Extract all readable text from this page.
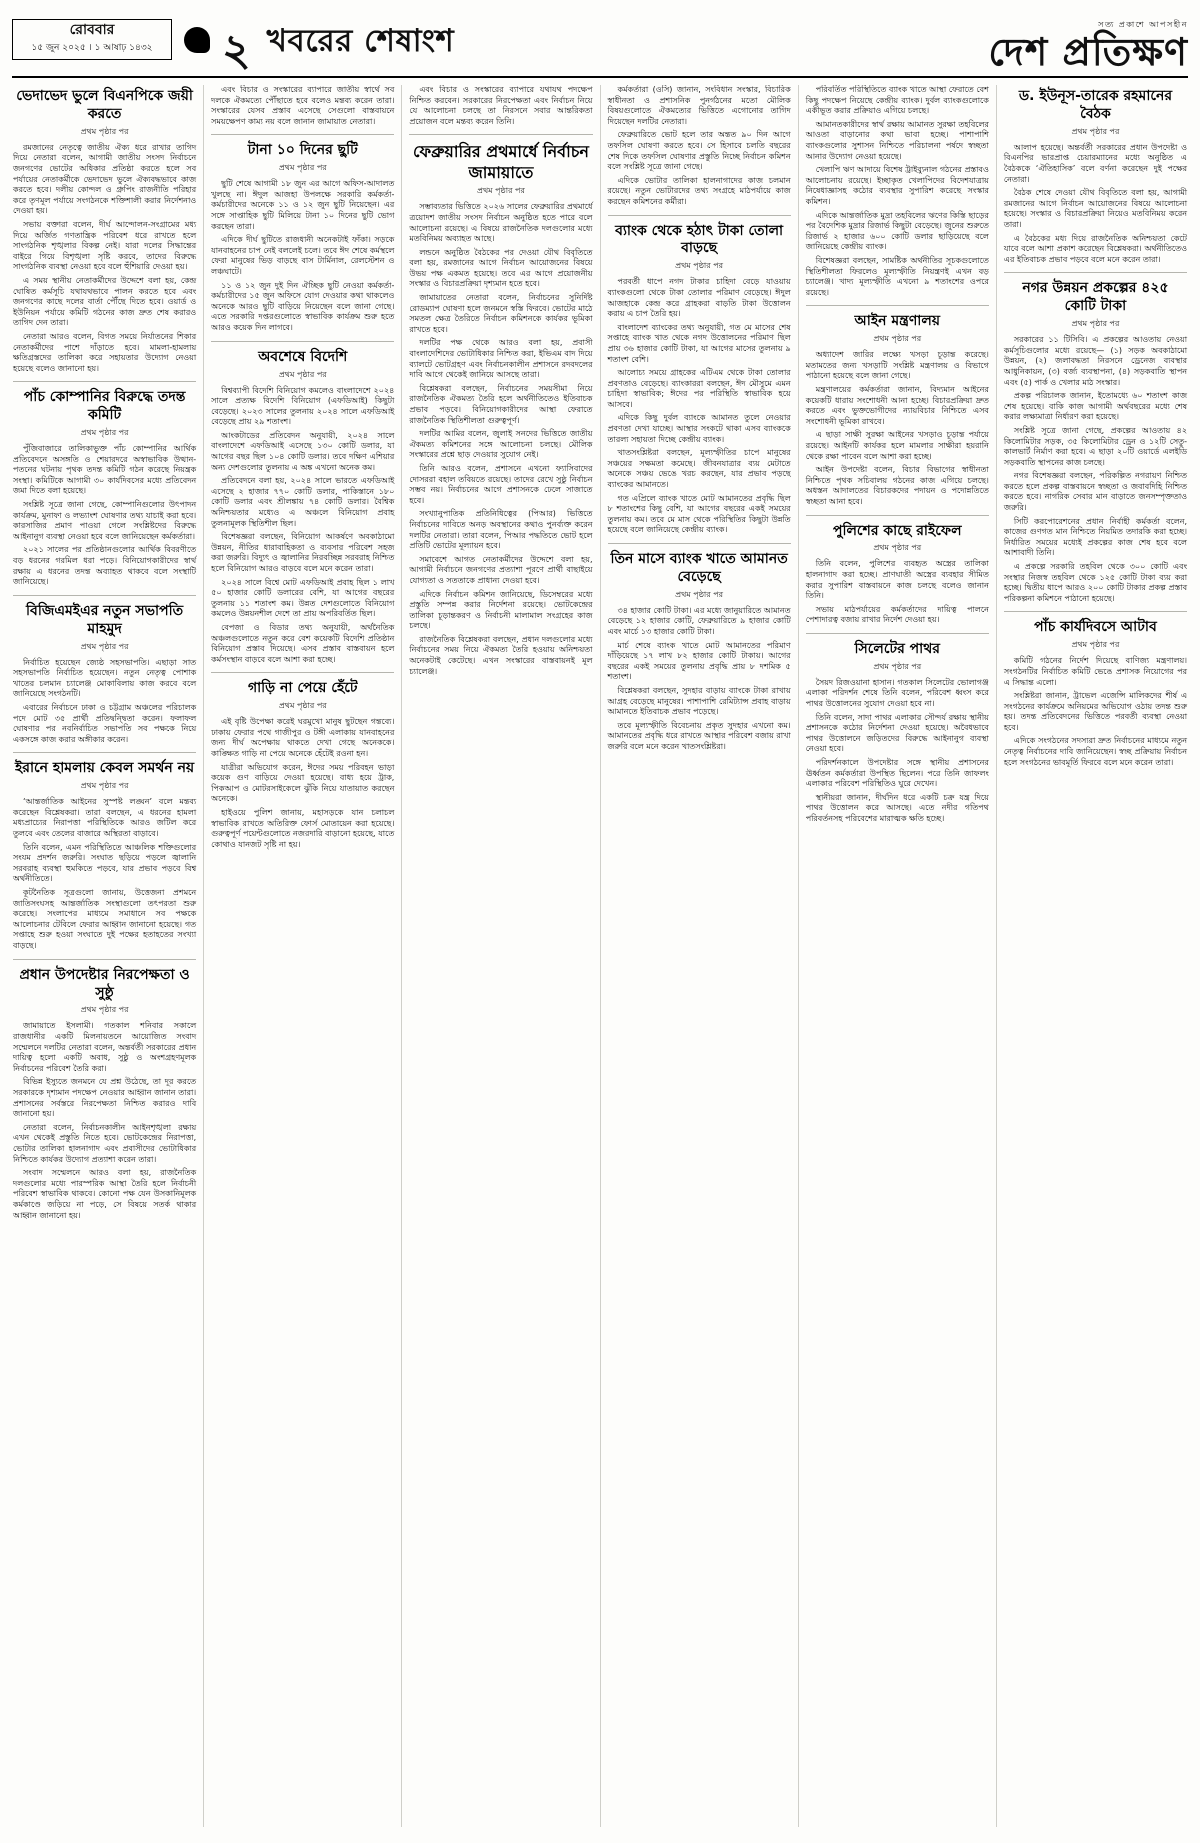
রোববার
১৫ জুন ২০২৫ । ১ আষাঢ় ১৪৩২ ২ খবরের শেষাংশ	সত্য প্রকাশে আপসহীন
দেশ প্রতিক্ষণ
ভেদাভেদ ভুলে বিএনপিকে জয়ী করতে
প্রথম পৃষ্ঠার পর

রমজানের নেতৃত্বে জাতীয় ঐক্য ধরে রাখার তাগিদ দিয়ে নেতারা বলেন, আগামী জাতীয় সংসদ নির্বাচনে জনগণের ভোটের অধিকার প্রতিষ্ঠা করতে হলে সব পর্যায়ের নেতাকর্মীকে ভেদাভেদ ভুলে ঐক্যবদ্ধভাবে কাজ করতে হবে। দলীয় কোন্দল ও গ্রুপিং রাজনীতি পরিহার করে তৃণমূল পর্যায়ে সংগঠনকে শক্তিশালী করার নির্দেশনাও দেওয়া হয়।

সভায় বক্তারা বলেন, দীর্ঘ আন্দোলন-সংগ্রামের মধ্য দিয়ে অর্জিত গণতান্ত্রিক পরিবেশ ধরে রাখতে হলে সাংগঠনিক শৃঙ্খলার বিকল্প নেই। যারা দলের সিদ্ধান্তের বাইরে গিয়ে বিশৃঙ্খলা সৃষ্টি করবে, তাদের বিরুদ্ধে সাংগঠনিক ব্যবস্থা নেওয়া হবে বলে হুঁশিয়ারি দেওয়া হয়।

এ সময় স্থানীয় নেতাকর্মীদের উদ্দেশে বলা হয়, কেন্দ্র ঘোষিত কর্মসূচি যথাযথভাবে পালন করতে হবে এবং জনগণের কাছে দলের বার্তা পৌঁছে দিতে হবে। ওয়ার্ড ও ইউনিয়ন পর্যায়ে কমিটি গঠনের কাজ দ্রুত শেষ করারও তাগিদ দেন তারা।

নেতারা আরও বলেন, বিগত সময়ে নির্যাতনের শিকার নেতাকর্মীদের পাশে দাঁড়াতে হবে। মামলা-হামলায় ক্ষতিগ্রস্তদের তালিকা করে সহায়তার উদ্যোগ নেওয়া হয়েছে বলেও জানানো হয়।

পাঁচ কোম্পানির বিরুদ্ধে তদন্ত কমিটি
প্রথম পৃষ্ঠার পর

পুঁজিবাজারে তালিকাভুক্ত পাঁচ কোম্পানির আর্থিক প্রতিবেদনে অসঙ্গতি ও শেয়ারদরে অস্বাভাবিক উত্থান-পতনের ঘটনায় পৃথক তদন্ত কমিটি গঠন করেছে নিয়ন্ত্রক সংস্থা। কমিটিকে আগামী ৩০ কার্যদিবসের মধ্যে প্রতিবেদন জমা দিতে বলা হয়েছে।

সংশ্লিষ্ট সূত্রে জানা গেছে, কোম্পানিগুলোর উৎপাদন কার্যক্রম, মুনাফা ও লভ্যাংশ ঘোষণার তথ্য যাচাই করা হবে। কারসাজির প্রমাণ পাওয়া গেলে সংশ্লিষ্টদের বিরুদ্ধে আইনানুগ ব্যবস্থা নেওয়া হবে বলে জানিয়েছেন কর্মকর্তারা।

২০২১ সালের পর প্রতিষ্ঠানগুলোর আর্থিক বিবরণীতে বড় ধরনের গরমিল ধরা পড়ে। বিনিয়োগকারীদের স্বার্থ রক্ষায় এ ধরনের তদন্ত অব্যাহত থাকবে বলে সংস্থাটি জানিয়েছে।

বিজিএমইএর নতুন সভাপতি মাহমুদ
প্রথম পৃষ্ঠার পর

নির্বাচিত হয়েছেন জ্যেষ্ঠ সহসভাপতি। এছাড়া সাত সহসভাপতি নির্বাচিত হয়েছেন। নতুন নেতৃত্ব পোশাক খাতের চলমান চ্যালেঞ্জ মোকাবিলায় কাজ করবে বলে জানিয়েছে সংগঠনটি।

এবারের নির্বাচনে ঢাকা ও চট্টগ্রাম অঞ্চলের পরিচালক পদে মোট ৩৫ প্রার্থী প্রতিদ্বন্দ্বিতা করেন। ফলাফল ঘোষণার পর নবনির্বাচিত সভাপতি সব পক্ষকে নিয়ে একসঙ্গে কাজ করার অঙ্গীকার করেন।

ইরানে হামলায় কেবল সমর্থন নয়
প্রথম পৃষ্ঠার পর

‘আন্তর্জাতিক আইনের সুস্পষ্ট লঙ্ঘন’ বলে মন্তব্য করেছেন বিশ্লেষকরা। তারা বলছেন, এ ধরনের হামলা মধ্যপ্রাচ্যের নিরাপত্তা পরিস্থিতিকে আরও জটিল করে তুলবে এবং তেলের বাজারে অস্থিরতা বাড়াবে।

তিনি বলেন, এমন পরিস্থিতিতে আঞ্চলিক শক্তিগুলোর সংযম প্রদর্শন জরুরি। সংঘাত ছড়িয়ে পড়লে জ্বালানি সরবরাহ ব্যবস্থা হুমকিতে পড়বে, যার প্রভাব পড়বে বিশ্ব অর্থনীতিতে।

কূটনৈতিক সূত্রগুলো জানায়, উত্তেজনা প্রশমনে জাতিসংঘসহ আন্তর্জাতিক সংস্থাগুলো তৎপরতা শুরু করেছে। সংলাপের মাধ্যমে সমাধানে সব পক্ষকে আলোচনার টেবিলে ফেরার আহ্বান জানানো হয়েছে। গত সপ্তাহে শুরু হওয়া সংঘাতে দুই পক্ষের হতাহতের সংখ্যা বাড়ছে।

প্রধান উপদেষ্টার নিরপেক্ষতা ও সুষ্ঠু
প্রথম পৃষ্ঠার পর

জামায়াতে ইসলামী। গতকাল শনিবার সকালে রাজধানীর একটি মিলনায়তনে আয়োজিত সংবাদ সম্মেলনে দলটির নেতারা বলেন, অন্তর্বর্তী সরকারের প্রধান দায়িত্ব হলো একটি অবাধ, সুষ্ঠু ও অংশগ্রহণমূলক নির্বাচনের পরিবেশ তৈরি করা।

বিভিন্ন ইস্যুতে জনমনে যে প্রশ্ন উঠেছে, তা দূর করতে সরকারকে দৃশ্যমান পদক্ষেপ নেওয়ার আহ্বান জানান তারা। প্রশাসনের সর্বস্তরে নিরপেক্ষতা নিশ্চিত করারও দাবি জানানো হয়।

নেতারা বলেন, নির্বাচনকালীন আইনশৃঙ্খলা রক্ষায় এখন থেকেই প্রস্তুতি নিতে হবে। ভোটকেন্দ্রের নিরাপত্তা, ভোটার তালিকা হালনাগাদ এবং প্রবাসীদের ভোটাধিকার নিশ্চিতে কার্যকর উদ্যোগ প্রত্যাশা করেন তারা।

সংবাদ সম্মেলনে আরও বলা হয়, রাজনৈতিক দলগুলোর মধ্যে পারস্পরিক আস্থা তৈরি হলে নির্বাচনী পরিবেশ স্বাভাবিক থাকবে। কোনো পক্ষ যেন উসকানিমূলক কর্মকাণ্ডে জড়িয়ে না পড়ে, সে বিষয়ে সতর্ক থাকার আহ্বান জানানো হয়।

এবং বিচার ও সংস্কারের ব্যাপারে জাতীয় স্বার্থে সব দলকে ঐকমত্যে পৌঁছাতে হবে বলেও মন্তব্য করেন তারা। সংস্কারের যেসব প্রস্তাব এসেছে সেগুলো বাস্তবায়নে সময়ক্ষেপণ কাম্য নয় বলে জানান জামায়াত নেতারা।

টানা ১০ দিনের ছুটি
প্রথম পৃষ্ঠার পর

ছুটি শেষে আগামী ১৮ জুন এর আগে অফিস-আদালত খুলছে না। ঈদুল আজহা উপলক্ষে সরকারি কর্মকর্তা-কর্মচারীদের অনেকে ১১ ও ১২ জুন ছুটি নিয়েছেন। এর সঙ্গে সাপ্তাহিক ছুটি মিলিয়ে টানা ১০ দিনের ছুটি ভোগ করছেন তারা।

এদিকে দীর্ঘ ছুটিতে রাজধানী অনেকটাই ফাঁকা। সড়কে যানবাহনের চাপ নেই বললেই চলে। তবে ঈদ শেষে কর্মস্থলে ফেরা মানুষের ভিড় বাড়ছে বাস টার্মিনাল, রেলস্টেশন ও লঞ্চঘাটে।

১১ ও ১২ জুন দুই দিন ঐচ্ছিক ছুটি নেওয়া কর্মকর্তা-কর্মচারীদের ১৫ জুন অফিসে যোগ দেওয়ার কথা থাকলেও অনেকে আরও ছুটি বাড়িয়ে নিয়েছেন বলে জানা গেছে। এতে সরকারি দপ্তরগুলোতে স্বাভাবিক কার্যক্রম শুরু হতে আরও কয়েক দিন লাগবে।

অবশেষে বিদেশি
প্রথম পৃষ্ঠার পর

বিশ্বব্যাপী বিদেশি বিনিয়োগ কমলেও বাংলাদেশে ২০২৪ সালে প্রত্যক্ষ বিদেশি বিনিয়োগ (এফডিআই) কিছুটা বেড়েছে। ২০২৩ সালের তুলনায় ২০২৪ সালে এফডিআই বেড়েছে প্রায় ২৯ শতাংশ।

আংকটাডের প্রতিবেদন অনুযায়ী, ২০২৪ সালে বাংলাদেশে এফডিআই এসেছে ১৩০ কোটি ডলার, যা আগের বছর ছিল ১০৪ কোটি ডলার। তবে দক্ষিণ এশিয়ার অন্য দেশগুলোর তুলনায় এ অঙ্ক এখনো অনেক কম।

প্রতিবেদনে বলা হয়, ২০২৪ সালে ভারতে এফডিআই এসেছে ২ হাজার ৭৭০ কোটি ডলার, পাকিস্তানে ১৮০ কোটি ডলার এবং শ্রীলঙ্কায় ৭৪ কোটি ডলার। বৈশ্বিক অনিশ্চয়তার মধ্যেও এ অঞ্চলে বিনিয়োগ প্রবাহ তুলনামূলক স্থিতিশীল ছিল।

বিশেষজ্ঞরা বলছেন, বিনিয়োগ আকর্ষণে অবকাঠামো উন্নয়ন, নীতির ধারাবাহিকতা ও ব্যবসার পরিবেশ সহজ করা জরুরি। বিদ্যুৎ ও জ্বালানির নিরবচ্ছিন্ন সরবরাহ নিশ্চিত হলে বিনিয়োগ আরও বাড়বে বলে মনে করেন তারা।

২০২৪ সালে বিশ্বে মোট এফডিআই প্রবাহ ছিল ১ লাখ ৫০ হাজার কোটি ডলারের বেশি, যা আগের বছরের তুলনায় ১১ শতাংশ কম। উন্নত দেশগুলোতে বিনিয়োগ কমলেও উন্নয়নশীল দেশে তা প্রায় অপরিবর্তিত ছিল।

বেপজা ও বিডার তথ্য অনুযায়ী, অর্থনৈতিক অঞ্চলগুলোতে নতুন করে বেশ কয়েকটি বিদেশি প্রতিষ্ঠান বিনিয়োগ প্রস্তাব দিয়েছে। এসব প্রস্তাব বাস্তবায়ন হলে কর্মসংস্থান বাড়বে বলে আশা করা হচ্ছে।

গাড়ি না পেয়ে হেঁটে
প্রথম পৃষ্ঠার পর

এই বৃষ্টি উপেক্ষা করেই ঘরমুখো মানুষ ছুটছেন গন্তব্যে। ঢাকায় ফেরার পথে গাজীপুর ও টঙ্গী এলাকায় যানবাহনের জন্য দীর্ঘ অপেক্ষায় থাকতে দেখা গেছে অনেককে। কাঙ্ক্ষিত গাড়ি না পেয়ে অনেকে হেঁটেই রওনা হন।

যাত্রীরা অভিযোগ করেন, ঈদের সময় পরিবহন ভাড়া কয়েক গুণ বাড়িয়ে দেওয়া হয়েছে। বাধ্য হয়ে ট্রাক, পিকআপ ও মোটরসাইকেলে ঝুঁকি নিয়ে যাতায়াত করছেন অনেকে।

হাইওয়ে পুলিশ জানায়, মহাসড়কে যান চলাচল স্বাভাবিক রাখতে অতিরিক্ত ফোর্স মোতায়েন করা হয়েছে। গুরুত্বপূর্ণ পয়েন্টগুলোতে নজরদারি বাড়ানো হয়েছে, যাতে কোথাও যানজট সৃষ্টি না হয়।

এবং বিচার ও সংস্কারের ব্যাপারে যথাযথ পদক্ষেপ নিশ্চিত করবেন। সরকারের নিরপেক্ষতা এবং নির্বাচন নিয়ে যে আলোচনা চলছে তা নিরসনে সবার আন্তরিকতা প্রয়োজন বলে মন্তব্য করেন তিনি।

ফেব্রুয়ারির প্রথমার্ধে নির্বাচন জামায়াতে
প্রথম পৃষ্ঠার পর

সম্ভাব্যতার ভিত্তিতে ২০২৬ সালের ফেব্রুয়ারির প্রথমার্ধে ত্রয়োদশ জাতীয় সংসদ নির্বাচন অনুষ্ঠিত হতে পারে বলে আলোচনা রয়েছে। এ বিষয়ে রাজনৈতিক দলগুলোর মধ্যে মতবিনিময় অব্যাহত আছে।

লন্ডনে অনুষ্ঠিত বৈঠকের পর দেওয়া যৌথ বিবৃতিতে বলা হয়, রমজানের আগে নির্বাচন আয়োজনের বিষয়ে উভয় পক্ষ একমত হয়েছে। তবে এর আগে প্রয়োজনীয় সংস্কার ও বিচারপ্রক্রিয়া দৃশ্যমান হতে হবে।

জামায়াতের নেতারা বলেন, নির্বাচনের সুনির্দিষ্ট রোডম্যাপ ঘোষণা হলে জনমনে স্বস্তি ফিরবে। ভোটের মাঠে সমতল ক্ষেত্র তৈরিতে নির্বাচন কমিশনকে কার্যকর ভূমিকা রাখতে হবে।

দলটির পক্ষ থেকে আরও বলা হয়, প্রবাসী বাংলাদেশিদের ভোটাধিকার নিশ্চিত করা, ইভিএম বাদ দিয়ে ব্যালটে ভোটগ্রহণ এবং নির্বাচনকালীন প্রশাসনে রদবদলের দাবি আগে থেকেই জানিয়ে আসছে তারা।

বিশ্লেষকরা বলছেন, নির্বাচনের সময়সীমা নিয়ে রাজনৈতিক ঐকমত্য তৈরি হলে অর্থনীতিতেও ইতিবাচক প্রভাব পড়বে। বিনিয়োগকারীদের আস্থা ফেরাতে রাজনৈতিক স্থিতিশীলতা গুরুত্বপূর্ণ।

দলটির আমির বলেন, জুলাই সনদের ভিত্তিতে জাতীয় ঐকমত্য কমিশনের সঙ্গে আলোচনা চলছে। মৌলিক সংস্কারের প্রশ্নে ছাড় দেওয়ার সুযোগ নেই।

তিনি আরও বলেন, প্রশাসনে এখনো ফ্যাসিবাদের দোসররা বহাল তবিয়তে রয়েছে। তাদের রেখে সুষ্ঠু নির্বাচন সম্ভব নয়। নির্বাচনের আগে প্রশাসনকে ঢেলে সাজাতে হবে।

সংখ্যানুপাতিক প্রতিনিধিত্বের (পিআর) ভিত্তিতে নির্বাচনের দাবিতে অনড় অবস্থানের কথাও পুনর্ব্যক্ত করেন দলটির নেতারা। তারা বলেন, পিআর পদ্ধতিতে ভোট হলে প্রতিটি ভোটের মূল্যায়ন হবে।

সমাবেশে আগত নেতাকর্মীদের উদ্দেশে বলা হয়, আগামী নির্বাচনে জনগণের প্রত্যাশা পূরণে প্রার্থী বাছাইয়ে যোগ্যতা ও সততাকে প্রাধান্য দেওয়া হবে।

এদিকে নির্বাচন কমিশন জানিয়েছে, ডিসেম্বরের মধ্যে প্রস্তুতি সম্পন্ন করার নির্দেশনা রয়েছে। ভোটকেন্দ্রের তালিকা চূড়ান্তকরণ ও নির্বাচনী মালামাল সংগ্রহের কাজ চলছে।

রাজনৈতিক বিশ্লেষকরা বলছেন, প্রধান দলগুলোর মধ্যে নির্বাচনের সময় নিয়ে ঐকমত্য তৈরি হওয়ায় অনিশ্চয়তা অনেকটাই কেটেছে। এখন সংস্কারের বাস্তবায়নই মূল চ্যালেঞ্জ।

কর্মকর্তারা (ওসি) জানান, সংবিধান সংস্কার, বিচারিক স্বাধীনতা ও প্রশাসনিক পুনর্গঠনের মতো মৌলিক বিষয়গুলোতে ঐকমত্যের ভিত্তিতে এগোনোর তাগিদ দিয়েছেন দলটির নেতারা।

ফেব্রুয়ারিতে ভোট হলে তার অন্তত ৯০ দিন আগে তফসিল ঘোষণা করতে হবে। সে হিসাবে চলতি বছরের শেষ দিকে তফসিল ঘোষণার প্রস্তুতি নিচ্ছে নির্বাচন কমিশন বলে সংশ্লিষ্ট সূত্রে জানা গেছে।

এদিকে ভোটার তালিকা হালনাগাদের কাজ চলমান রয়েছে। নতুন ভোটারদের তথ্য সংগ্রহে মাঠপর্যায়ে কাজ করছেন কমিশনের কর্মীরা।

ব্যাংক থেকে হঠাৎ টাকা তোলা বাড়ছে
প্রথম পৃষ্ঠার পর

পরবর্তী ধাপে নগদ টাকার চাহিদা বেড়ে যাওয়ায় ব্যাংকগুলো থেকে টাকা তোলার পরিমাণ বেড়েছে। ঈদুল আজহাকে কেন্দ্র করে গ্রাহকরা বাড়তি টাকা উত্তোলন করায় এ চাপ তৈরি হয়।

বাংলাদেশ ব্যাংকের তথ্য অনুযায়ী, গত মে মাসের শেষ সপ্তাহে ব্যাংক খাত থেকে নগদ উত্তোলনের পরিমাণ ছিল প্রায় ৩৬ হাজার কোটি টাকা, যা আগের মাসের তুলনায় ৯ শতাংশ বেশি।

আলোচ্য সময়ে গ্রাহকের এটিএম থেকে টাকা তোলার প্রবণতাও বেড়েছে। ব্যাংকাররা বলছেন, ঈদ মৌসুমে এমন চাহিদা স্বাভাবিক; ঈদের পর পরিস্থিতি স্বাভাবিক হয়ে আসবে।

এদিকে কিছু দুর্বল ব্যাংকে আমানত তুলে নেওয়ার প্রবণতা দেখা যাচ্ছে। আস্থার সংকটে থাকা এসব ব্যাংককে তারল্য সহায়তা দিচ্ছে কেন্দ্রীয় ব্যাংক।

খাতসংশ্লিষ্টরা বলছেন, মূল্যস্ফীতির চাপে মানুষের সঞ্চয়ের সক্ষমতা কমেছে। জীবনযাত্রার ব্যয় মেটাতে অনেকে সঞ্চয় ভেঙে খরচ করছেন, যার প্রভাব পড়ছে ব্যাংকের আমানতে।

গত এপ্রিলে ব্যাংক খাতে মোট আমানতের প্রবৃদ্ধি ছিল ৮ শতাংশের কিছু বেশি, যা আগের বছরের একই সময়ের তুলনায় কম। তবে মে মাস থেকে পরিস্থিতির কিছুটা উন্নতি হয়েছে বলে জানিয়েছে কেন্দ্রীয় ব্যাংক।

তিন মাসে ব্যাংক খাতে আমানত বেড়েছে
প্রথম পৃষ্ঠার পর

৩৪ হাজার কোটি টাকা। এর মধ্যে জানুয়ারিতে আমানত বেড়েছে ১২ হাজার কোটি, ফেব্রুয়ারিতে ৯ হাজার কোটি এবং মার্চে ১৩ হাজার কোটি টাকা।

মার্চ শেষে ব্যাংক খাতে মোট আমানতের পরিমাণ দাঁড়িয়েছে ১৭ লাখ ৮২ হাজার কোটি টাকায়। আগের বছরের একই সময়ের তুলনায় প্রবৃদ্ধি প্রায় ৮ দশমিক ৫ শতাংশ।

বিশ্লেষকরা বলছেন, সুদহার বাড়ায় ব্যাংকে টাকা রাখায় আগ্রহ বেড়েছে মানুষের। পাশাপাশি রেমিট্যান্স প্রবাহ বাড়ায় আমানতে ইতিবাচক প্রভাব পড়েছে।

তবে মূল্যস্ফীতি বিবেচনায় প্রকৃত সুদহার এখনো কম। আমানতের প্রবৃদ্ধি ধরে রাখতে আস্থার পরিবেশ বজায় রাখা জরুরি বলে মনে করেন খাতসংশ্লিষ্টরা।

পরিবর্তিত পরিস্থিতিতে ব্যাংক খাতে আস্থা ফেরাতে বেশ কিছু পদক্ষেপ নিয়েছে কেন্দ্রীয় ব্যাংক। দুর্বল ব্যাংকগুলোকে একীভূত করার প্রক্রিয়াও এগিয়ে চলছে।

আমানতকারীদের স্বার্থ রক্ষায় আমানত সুরক্ষা তহবিলের আওতা বাড়ানোর কথা ভাবা হচ্ছে। পাশাপাশি ব্যাংকগুলোর সুশাসন নিশ্চিতে পরিচালনা পর্ষদে স্বচ্ছতা আনার উদ্যোগ নেওয়া হয়েছে।

খেলাপি ঋণ আদায়ে বিশেষ ট্রাইব্যুনাল গঠনের প্রস্তাবও আলোচনায় রয়েছে। ইচ্ছাকৃত খেলাপিদের বিদেশযাত্রায় নিষেধাজ্ঞাসহ কঠোর ব্যবস্থার সুপারিশ করেছে সংস্কার কমিশন।

এদিকে আন্তর্জাতিক মুদ্রা তহবিলের ঋণের কিস্তি ছাড়ের পর বৈদেশিক মুদ্রার রিজার্ভ কিছুটা বেড়েছে। জুনের শুরুতে রিজার্ভ ২ হাজার ৬০০ কোটি ডলার ছাড়িয়েছে বলে জানিয়েছে কেন্দ্রীয় ব্যাংক।

বিশেষজ্ঞরা বলছেন, সামষ্টিক অর্থনীতির সূচকগুলোতে স্থিতিশীলতা ফিরলেও মূল্যস্ফীতি নিয়ন্ত্রণই এখন বড় চ্যালেঞ্জ। খাদ্য মূল্যস্ফীতি এখনো ৯ শতাংশের ওপরে রয়েছে।

আইন মন্ত্রণালয়
প্রথম পৃষ্ঠার পর

অধ্যাদেশ জারির লক্ষ্যে খসড়া চূড়ান্ত করেছে। মতামতের জন্য খসড়াটি সংশ্লিষ্ট মন্ত্রণালয় ও বিভাগে পাঠানো হয়েছে বলে জানা গেছে।

মন্ত্রণালয়ের কর্মকর্তারা জানান, বিদ্যমান আইনের কয়েকটি ধারায় সংশোধনী আনা হচ্ছে। বিচারপ্রক্রিয়া দ্রুত করতে এবং ভুক্তভোগীদের ন্যায়বিচার নিশ্চিতে এসব সংশোধনী ভূমিকা রাখবে।

এ ছাড়া সাক্ষী সুরক্ষা আইনের খসড়াও চূড়ান্ত পর্যায়ে রয়েছে। আইনটি কার্যকর হলে মামলার সাক্ষীরা হয়রানি থেকে রক্ষা পাবেন বলে আশা করা হচ্ছে।

আইন উপদেষ্টা বলেন, বিচার বিভাগের স্বাধীনতা নিশ্চিতে পৃথক সচিবালয় গঠনের কাজ এগিয়ে চলছে। অধস্তন আদালতের বিচারকদের পদায়ন ও পদোন্নতিতে স্বচ্ছতা আনা হবে।

পুলিশের কাছে রাইফেল
প্রথম পৃষ্ঠার পর

তিনি বলেন, পুলিশের ব্যবহৃত অস্ত্রের তালিকা হালনাগাদ করা হচ্ছে। প্রাণঘাতী অস্ত্রের ব্যবহার সীমিত করার সুপারিশ বাস্তবায়নে কাজ চলছে বলেও জানান তিনি।

সভায় মাঠপর্যায়ের কর্মকর্তাদের দায়িত্ব পালনে পেশাদারত্ব বজায় রাখার নির্দেশ দেওয়া হয়।

সিলেটের পাথর
প্রথম পৃষ্ঠার পর

সৈয়দ রিজওয়ানা হাসান। গতকাল সিলেটের ভোলাগঞ্জ এলাকা পরিদর্শন শেষে তিনি বলেন, পরিবেশ ধ্বংস করে পাথর উত্তোলনের সুযোগ দেওয়া হবে না।

তিনি বলেন, সাদা পাথর এলাকার সৌন্দর্য রক্ষায় স্থানীয় প্রশাসনকে কঠোর নির্দেশনা দেওয়া হয়েছে। অবৈধভাবে পাথর উত্তোলনে জড়িতদের বিরুদ্ধে আইনানুগ ব্যবস্থা নেওয়া হবে।

পরিদর্শনকালে উপদেষ্টার সঙ্গে স্থানীয় প্রশাসনের ঊর্ধ্বতন কর্মকর্তারা উপস্থিত ছিলেন। পরে তিনি জাফলং এলাকার পরিবেশ পরিস্থিতিও ঘুরে দেখেন।

স্থানীয়রা জানান, দীর্ঘদিন ধরে একটি চক্র যন্ত্র দিয়ে পাথর উত্তোলন করে আসছে। এতে নদীর গতিপথ পরিবর্তনসহ পরিবেশের মারাত্মক ক্ষতি হচ্ছে।

ড. ইউনূস-তারেক রহমানের বৈঠক
প্রথম পৃষ্ঠার পর

আলাপ হয়েছে। অন্তর্বর্তী সরকারের প্রধান উপদেষ্টা ও বিএনপির ভারপ্রাপ্ত চেয়ারম্যানের মধ্যে অনুষ্ঠিত এ বৈঠককে ‘ঐতিহাসিক’ বলে বর্ণনা করেছেন দুই পক্ষের নেতারা।

বৈঠক শেষে দেওয়া যৌথ বিবৃতিতে বলা হয়, আগামী রমজানের আগে নির্বাচন আয়োজনের বিষয়ে আলোচনা হয়েছে। সংস্কার ও বিচারপ্রক্রিয়া নিয়েও মতবিনিময় করেন তারা।

এ বৈঠকের মধ্য দিয়ে রাজনৈতিক অনিশ্চয়তা কেটে যাবে বলে আশা প্রকাশ করেছেন বিশ্লেষকরা। অর্থনীতিতেও এর ইতিবাচক প্রভাব পড়বে বলে মনে করেন তারা।

নগর উন্নয়ন প্রকল্পের ৪২৫ কোটি টাকা
প্রথম পৃষ্ঠার পর

সরকারের ১১ টিসিবি। এ প্রকল্পের আওতায় নেওয়া কর্মসূচিগুলোর মধ্যে রয়েছে— (১) সড়ক অবকাঠামো উন্নয়ন, (২) জলাবদ্ধতা নিরসনে ড্রেনেজ ব্যবস্থার আধুনিকায়ন, (৩) বর্জ্য ব্যবস্থাপনা, (৪) সড়কবাতি স্থাপন এবং (৫) পার্ক ও খেলার মাঠ সংস্কার।

প্রকল্প পরিচালক জানান, ইতোমধ্যে ৬০ শতাংশ কাজ শেষ হয়েছে। বাকি কাজ আগামী অর্থবছরের মধ্যে শেষ করার লক্ষ্যমাত্রা নির্ধারণ করা হয়েছে।

সংশ্লিষ্ট সূত্রে জানা গেছে, প্রকল্পের আওতায় ৪২ কিলোমিটার সড়ক, ৩৫ কিলোমিটার ড্রেন ও ১২টি সেতু-কালভার্ট নির্মাণ করা হবে। এ ছাড়া ২০টি ওয়ার্ডে এলইডি সড়কবাতি স্থাপনের কাজ চলছে।

নগর বিশেষজ্ঞরা বলছেন, পরিকল্পিত নগরায়ণ নিশ্চিত করতে হলে প্রকল্প বাস্তবায়নে স্বচ্ছতা ও জবাবদিহি নিশ্চিত করতে হবে। নাগরিক সেবার মান বাড়াতে জনসম্পৃক্ততাও জরুরি।

সিটি করপোরেশনের প্রধান নির্বাহী কর্মকর্তা বলেন, কাজের গুণগত মান নিশ্চিতে নিয়মিত তদারকি করা হচ্ছে। নির্ধারিত সময়ের মধ্যেই প্রকল্পের কাজ শেষ হবে বলে আশাবাদী তিনি।

এ প্রকল্পে সরকারি তহবিল থেকে ৩০০ কোটি এবং সংস্থার নিজস্ব তহবিল থেকে ১২৫ কোটি টাকা ব্যয় করা হচ্ছে। দ্বিতীয় ধাপে আরও ২০০ কোটি টাকার প্রকল্প প্রস্তাব পরিকল্পনা কমিশনে পাঠানো হয়েছে।

পাঁচ কার্যদিবসে আটাব
প্রথম পৃষ্ঠার পর

কমিটি গঠনের নির্দেশ দিয়েছে বাণিজ্য মন্ত্রণালয়। সংগঠনটির নির্বাচিত কমিটি ভেঙে প্রশাসক নিয়োগের পর এ সিদ্ধান্ত এলো।

সংশ্লিষ্টরা জানান, ট্রাভেল এজেন্সি মালিকদের শীর্ষ এ সংগঠনের কার্যক্রমে অনিয়মের অভিযোগ ওঠায় তদন্ত শুরু হয়। তদন্ত প্রতিবেদনের ভিত্তিতে পরবর্তী ব্যবস্থা নেওয়া হবে।

এদিকে সংগঠনের সদস্যরা দ্রুত নির্বাচনের মাধ্যমে নতুন নেতৃত্ব নির্বাচনের দাবি জানিয়েছেন। স্বচ্ছ প্রক্রিয়ায় নির্বাচন হলে সংগঠনের ভাবমূর্তি ফিরবে বলে মনে করেন তারা।
